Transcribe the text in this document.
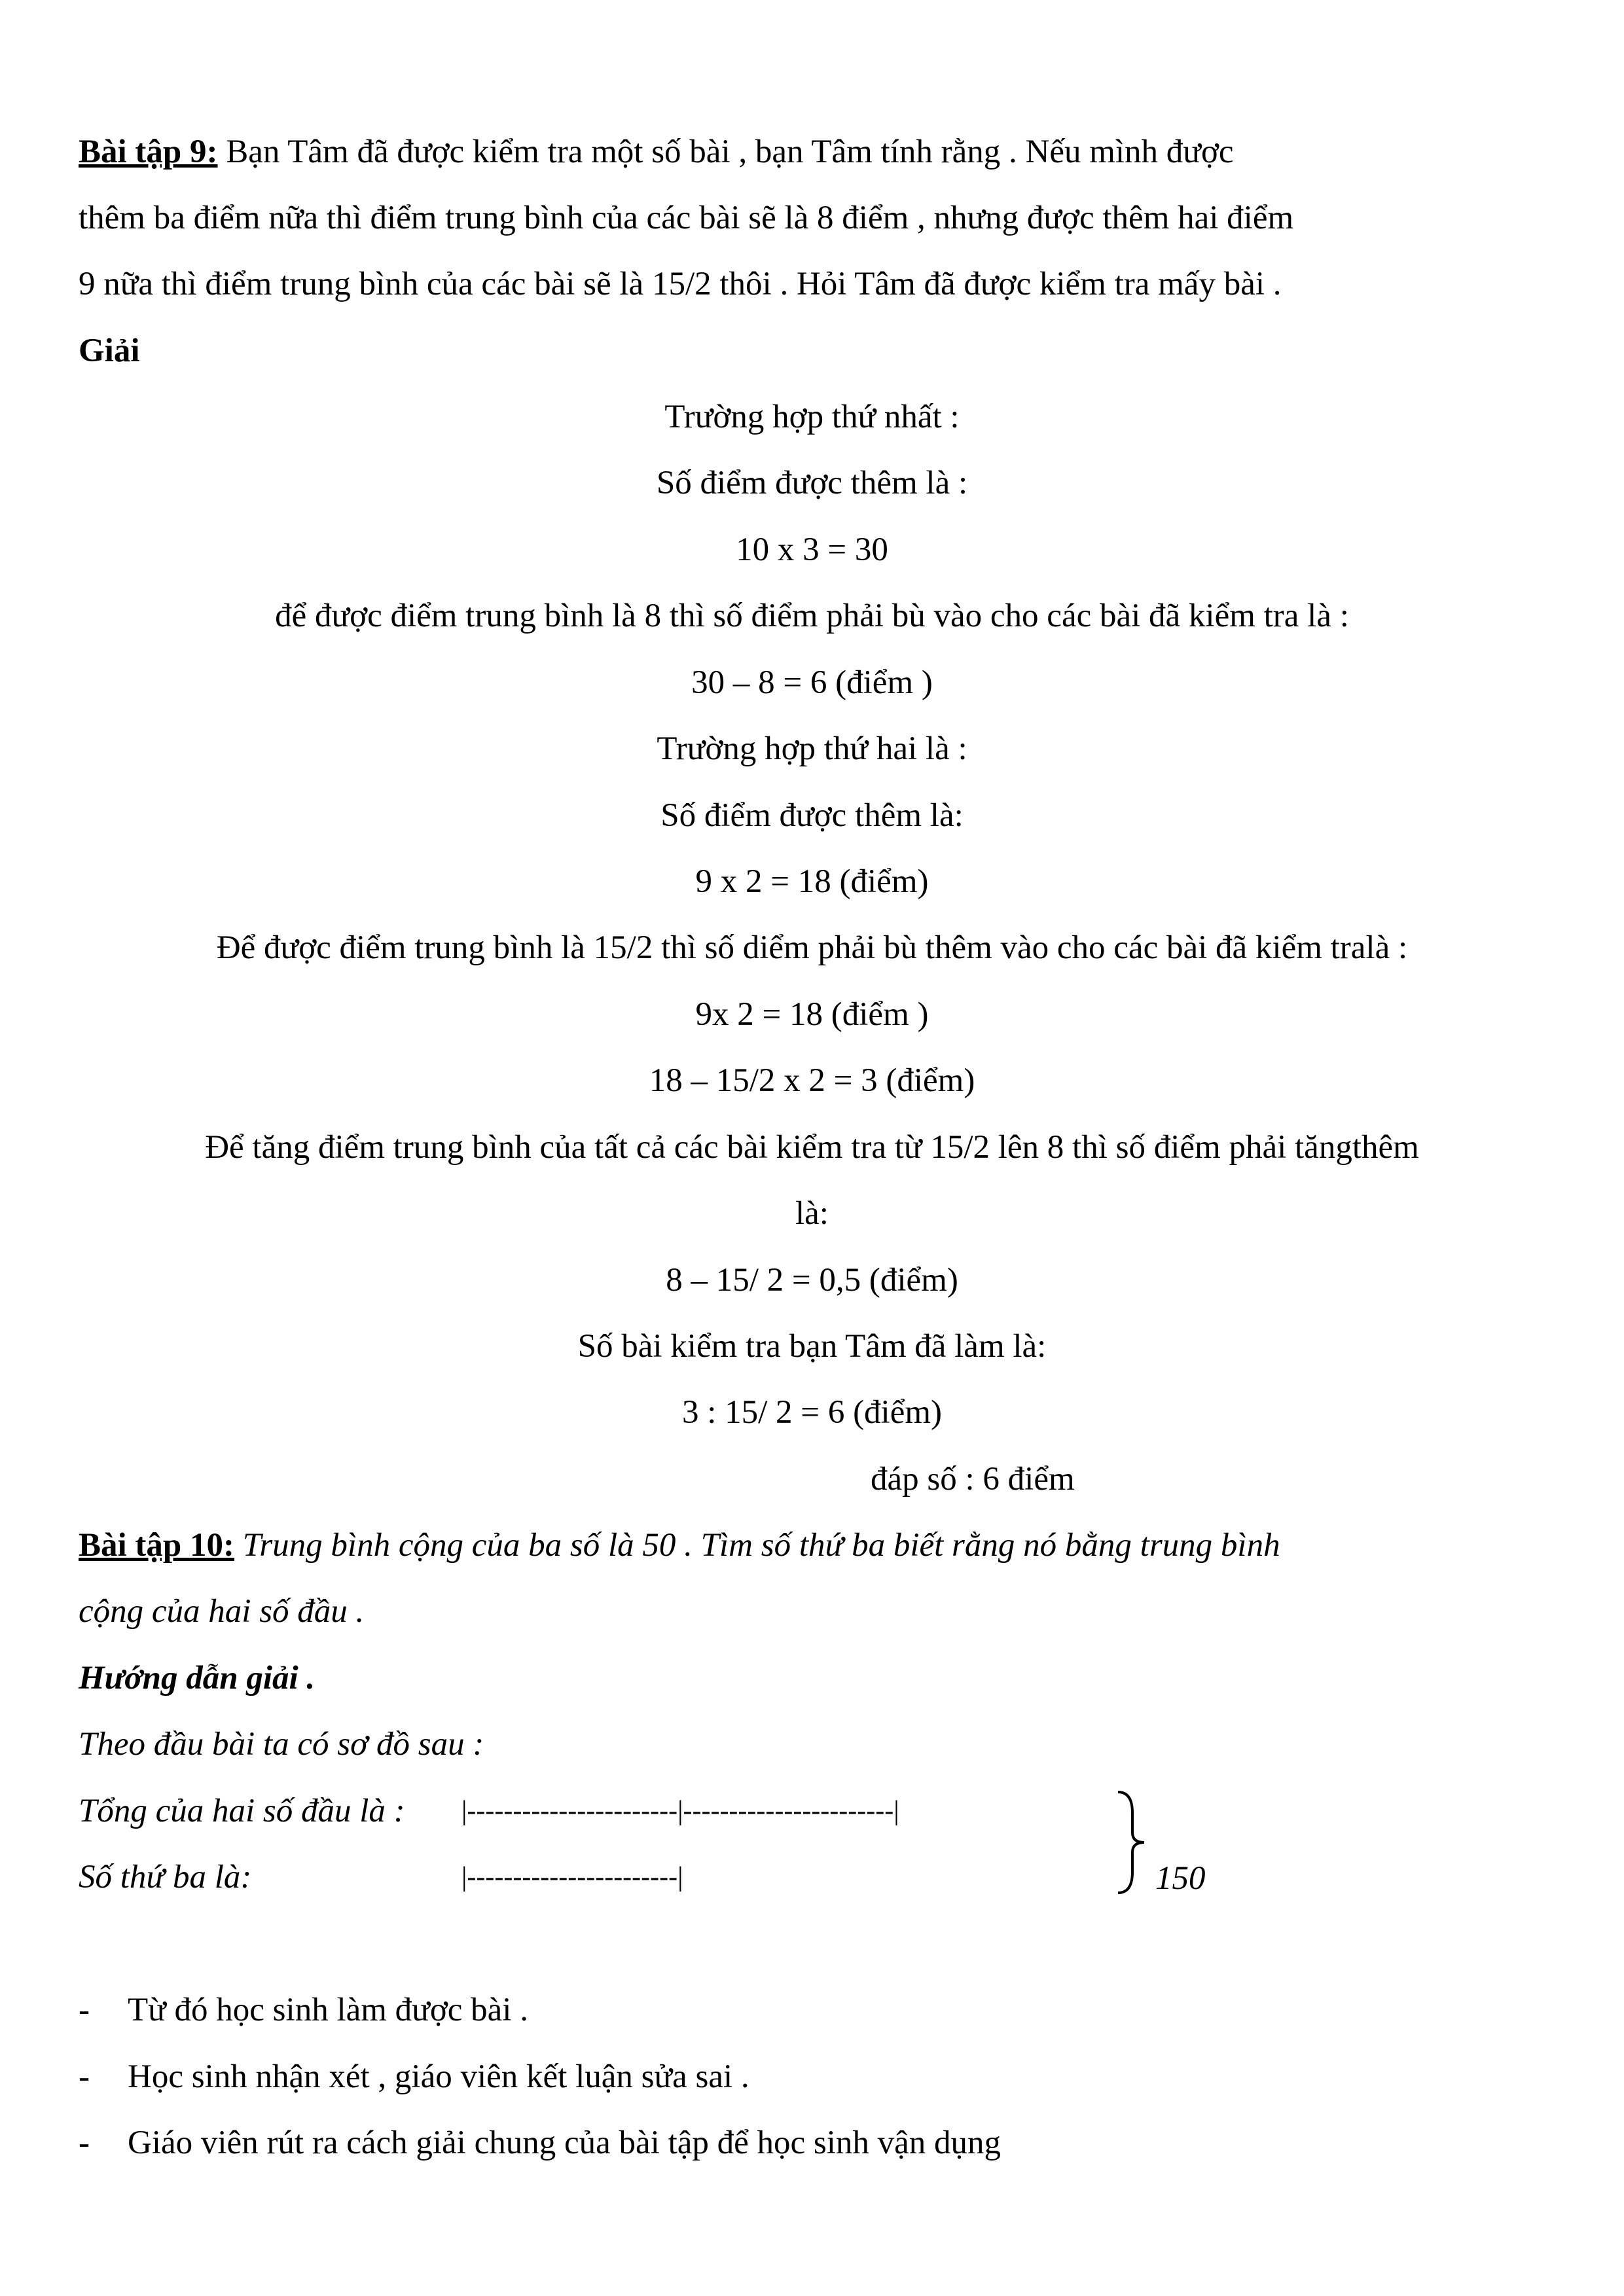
Bài tập 9: Bạn Tâm đã được kiểm tra một số bài , bạn Tâm tính rằng . Nếu mình được
thêm ba điểm nữa thì điểm trung bình của các bài sẽ là 8 điểm , nhưng được thêm hai điểm
9 nữa thì điểm trung bình của các bài sẽ là 15/2 thôi . Hỏi Tâm đã được kiểm tra mấy bài .
Giải
Trường hợp thứ nhất :
Số điểm được thêm là :
10 x 3 = 30
để được điểm trung bình là 8 thì số điểm phải bù vào cho các bài đã kiểm tra là :
30 – 8 = 6 (điểm )
Trường hợp thứ hai là :
Số điểm được thêm là:
9 x 2 = 18 (điểm)
Để được điểm trung bình là 15/2 thì số diểm phải bù thêm vào cho các bài đã kiểm tralà :
9x 2 = 18 (điểm )
18 – 15/2 x 2 = 3 (điểm)
Để tăng điểm trung bình của tất cả các bài kiểm tra từ 15/2 lên 8 thì số điểm phải tăngthêm
là:
8 – 15/ 2 = 0,5 (điểm)
Số bài kiểm tra bạn Tâm đã làm là:
3 : 15/ 2 = 6 (điểm)
đáp số : 6 điểm
Bài tập 10: Trung bình cộng của ba số là 50 . Tìm số thứ ba biết rằng nó bằng trung bình
cộng của hai số đầu .
Hướng dẫn giải .
Theo đầu bài ta có sơ đồ sau :
Tổng của hai số đầu là : |-----------------------|-----------------------|
Số thứ ba là:	|-----------------------|	150
- Từ đó học sinh làm được bài .
- Học sinh nhận xét , giáo viên kết luận sửa sai .
- Giáo viên rút ra cách giải chung của bài tập để học sinh vận dụng
